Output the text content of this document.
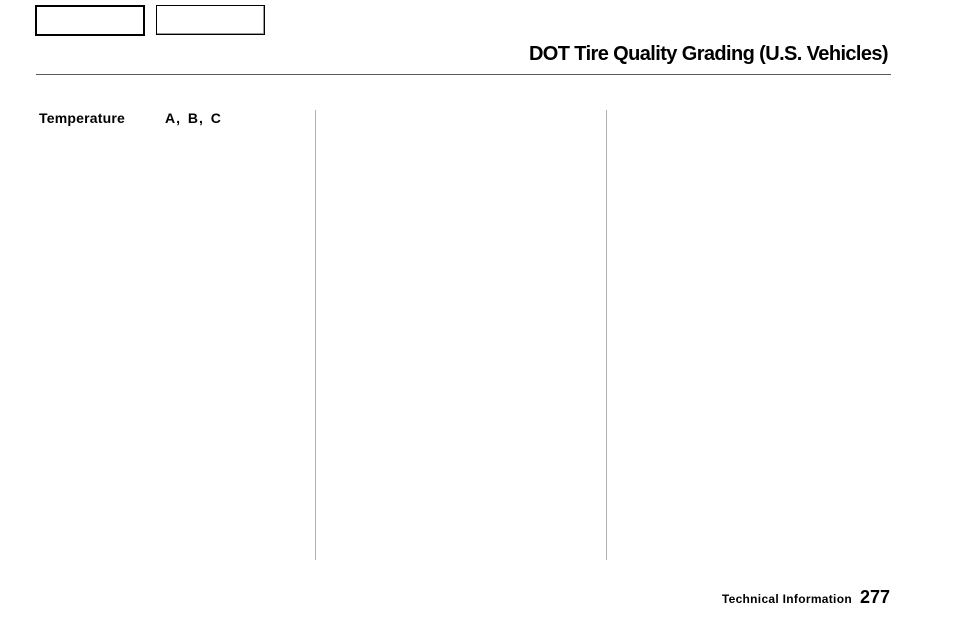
DOT Tire Quality Grading (U.S. Vehicles)
Temperature	A, B, C
Technical Information 277
